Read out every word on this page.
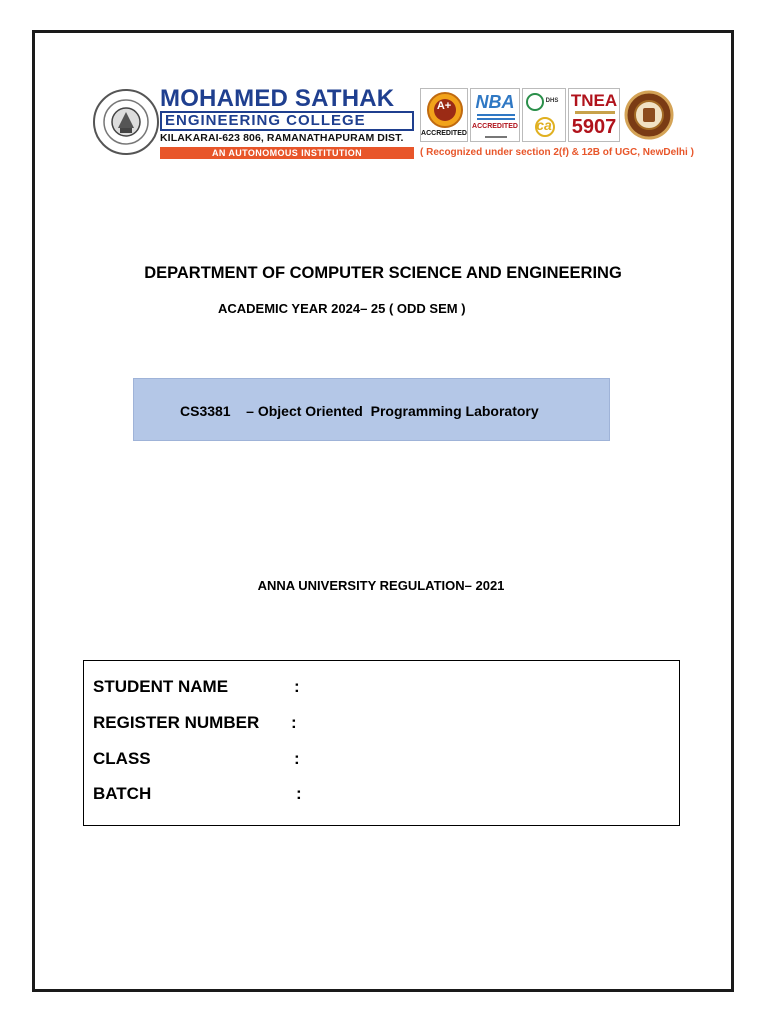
MOHAMED SATHAK
ENGINEERING COLLEGE
KILAKARAI-623 806, RAMANATHAPURAM DIST.
AN AUTONOMOUS INSTITUTION
A+
ACCREDITED
NBA
ACCREDITED
DHS
ca
TNEA
5907
( Recognized under section 2(f) & 12B of UGC, NewDelhi )
DEPARTMENT OF COMPUTER SCIENCE AND ENGINEERING
ACADEMIC YEAR 2024– 25 ( ODD SEM )
CS3381    – Object Oriented  Programming Laboratory
ANNA UNIVERSITY REGULATION– 2021
STUDENT NAME	:
REGISTER NUMBER :
CLASS	:
BATCH	:
